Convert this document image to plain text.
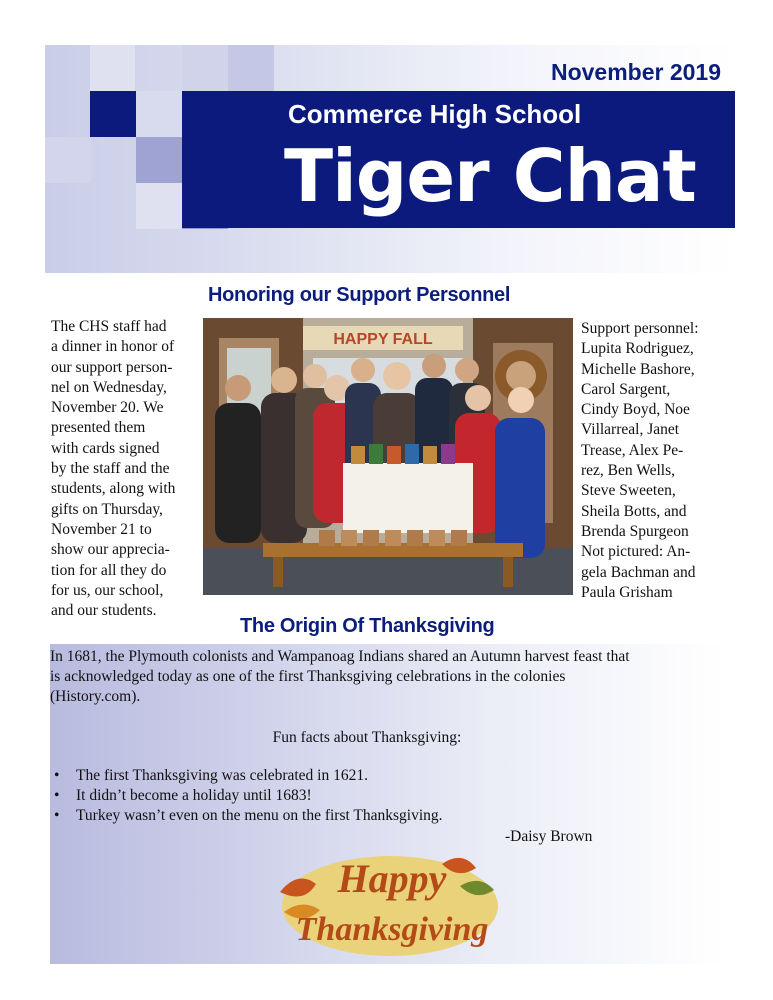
November 2019
Commerce High School
Tiger Chat
Honoring our Support Personnel
The CHS staff had
a dinner in honor of
our support person-
nel on Wednesday,
November 20. We
presented them
with cards signed
by the staff and the
students, along with
gifts on Thursday,
November 21 to
show our apprecia-
tion for all they do
for us, our school,
and our students.
HAPPY FALL
Support personnel:
Lupita Rodriguez,
Michelle Bashore,
Carol Sargent,
Cindy Boyd, Noe
Villarreal, Janet
Trease, Alex Pe-
rez, Ben Wells,
Steve Sweeten,
Sheila Botts, and
Brenda Spurgeon
Not pictured: An-
gela Bachman and
Paula Grisham
The Origin Of Thanksgiving
In 1681, the Plymouth colonists and Wampanoag Indians shared an Autumn harvest feast that
is acknowledged today as one of the first Thanksgiving celebrations in the colonies
(History.com).
Fun facts about Thanksgiving:
• The first Thanksgiving was celebrated in 1621.
• It didn’t become a holiday until 1683!
• Turkey wasn’t even on the menu on the first Thanksgiving.
-Daisy Brown
Happy
Thanksgiving
